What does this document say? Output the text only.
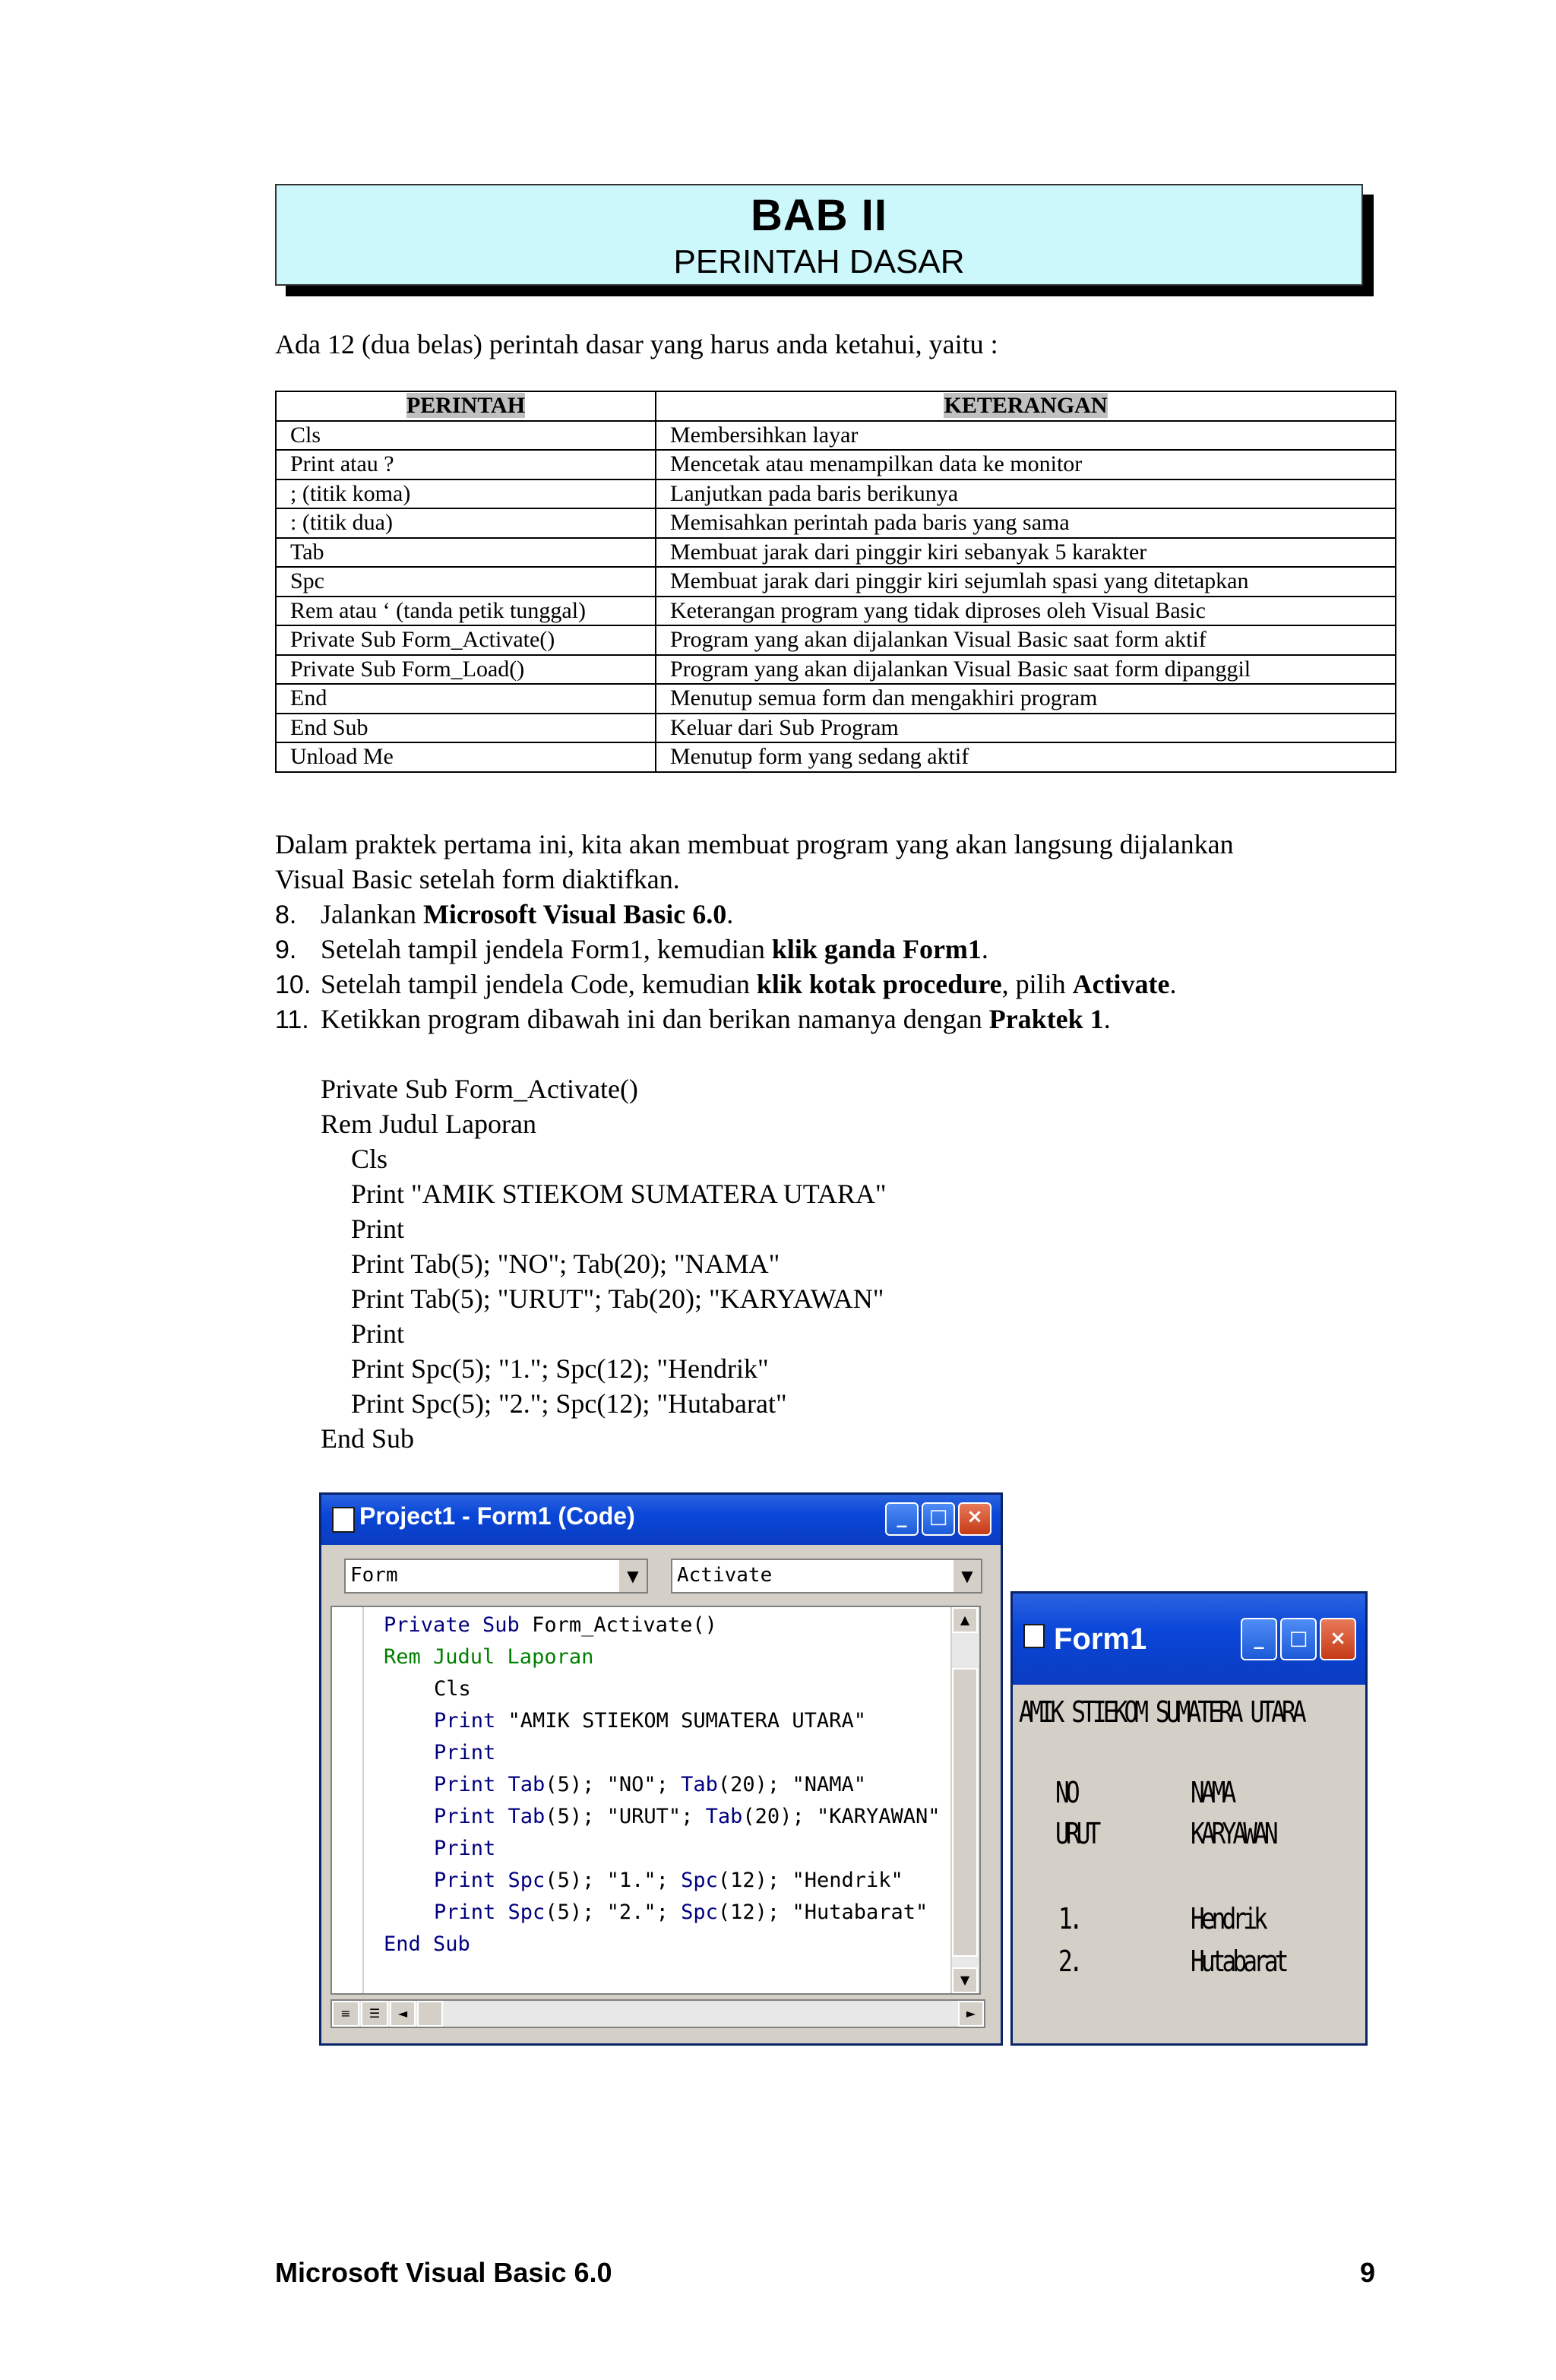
BAB II
PERINTAH DASAR
Ada 12 (dua belas) perintah dasar yang harus anda ketahui, yaitu :
PERINTAH	KETERANGAN
Cls	Membersihkan layar
Print atau ?	Mencetak atau menampilkan data ke monitor
; (titik koma)	Lanjutkan pada baris berikunya
: (titik dua)	Memisahkan perintah pada baris yang sama
Tab	Membuat jarak dari pinggir kiri sebanyak 5 karakter
Spc	Membuat jarak dari pinggir kiri sejumlah spasi yang ditetapkan
Rem atau ‘ (tanda petik tunggal)	Keterangan program yang tidak diproses oleh Visual Basic
Private Sub Form_Activate()	Program yang akan dijalankan Visual Basic saat form aktif
Private Sub Form_Load()	Program yang akan dijalankan Visual Basic saat form dipanggil
End	Menutup semua form dan mengakhiri program
End Sub	Keluar dari Sub Program
Unload Me	Menutup form yang sedang aktif
Dalam praktek pertama ini, kita akan membuat program yang akan langsung dijalankan
Visual Basic setelah form diaktifkan.
8. Jalankan Microsoft Visual Basic 6.0.
9. Setelah tampil jendela Form1, kemudian klik ganda Form1.
10. Setelah tampil jendela Code, kemudian klik kotak procedure, pilih Activate.
11. Ketikkan program dibawah ini dan berikan namanya dengan Praktek 1.
Private Sub Form_Activate()
Rem Judul Laporan
Cls
Print "AMIK STIEKOM SUMATERA UTARA"
Print
Print Tab(5); "NO"; Tab(20); "NAMA"
Print Tab(5); "URUT"; Tab(20); "KARYAWAN"
Print
Print Spc(5); "1."; Spc(12); "Hendrik"
Print Spc(5); "2."; Spc(12); "Hutabarat"
End Sub
Project1 - Form1 (Code)	_	□ ×
Form	▼	Activate	▼
Private Sub Form_Activate()
Rem Judul Laporan
Cls
Print "AMIK STIEKOM SUMATERA UTARA"
Print
Print Tab(5); "NO"; Tab(20); "NAMA"
Print Tab(5); "URUT"; Tab(20); "KARYAWAN"
Print
Print Spc(5); "1."; Spc(12); "Hendrik"
Print Spc(5); "2."; Spc(12); "Hutabarat"
End Sub
▲
▼
≡	☰	◄	►
Form1	_	□	×
AMIK STIEKOM SUMATERA UTARA
NO	NAMA
URUT	KARYAWAN
1.	Hendrik
2.	Hutabarat
Microsoft Visual Basic 6.0	9
